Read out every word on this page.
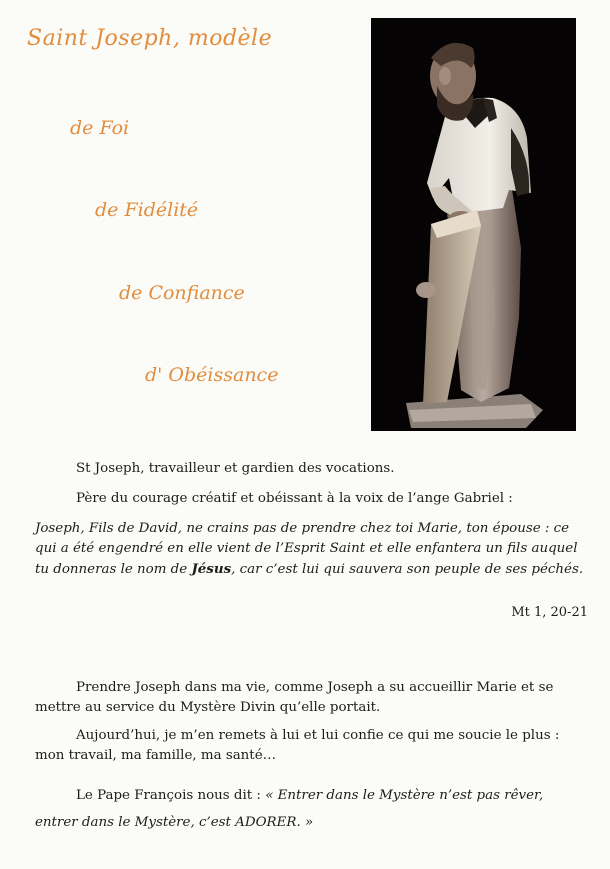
Saint Joseph, modèle
de Foi
de Fidélité
de Confiance
d' Obéissance

St Joseph, travailleur et gardien des vocations.

Père du courage créatif et obéissant à la voix de l’ange Gabriel :

Joseph, Fils de David, ne crains pas de prendre chez toi Marie, ton épouse : ce
qui a été engendré en elle vient de l’Esprit Saint et elle enfantera un fils auquel
tu donneras le nom de Jésus, car c’est lui qui sauvera son peuple de ses péchés.
Mt 1, 20-21

Prendre Joseph dans ma vie, comme Joseph a su accueillir Marie et se

mettre au service du Mystère Divin qu’elle portait.

Aujourd’hui, je m’en remets à lui et lui confie ce qui me soucie le plus :

mon travail, ma famille, ma santé…

Le Pape François nous dit : « Entrer dans le Mystère n’est pas rêver,

entrer dans le Mystère, c’est ADORER. »
